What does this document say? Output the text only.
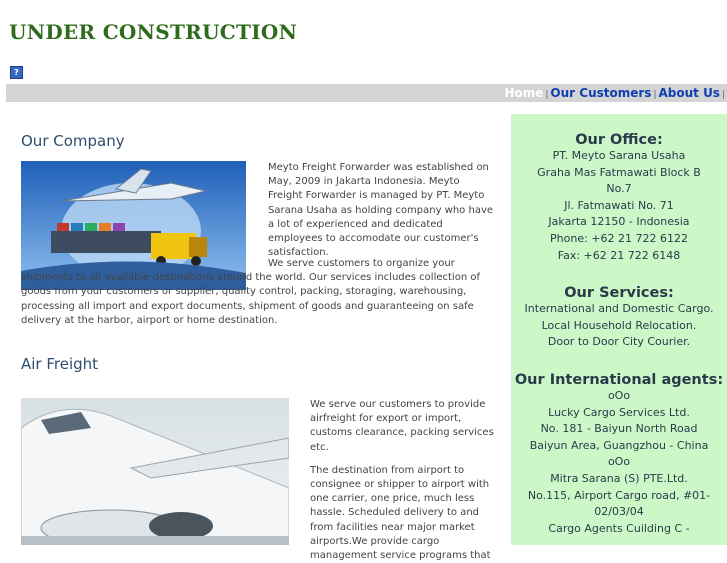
UNDER CONSTRUCTION
?
Home | Our Customers | About Us |
Our Company

Meyto Freight Forwarder was established on May, 2009 in Jakarta Indonesia. Meyto Freight Forwarder is managed by PT. Meyto Sarana Usaha as holding company who have a lot of experienced and dedicated employees to accomodate our customer's satisfaction.

We serve customers to organize your shipments to all available destinations around the world. Our services includes collection of goods from your customers or supplier, quality control, packing, storaging, warehousing, processing all import and export documents, shipment of goods and guaranteeing on safe delivery at the harbor, airport or home destination.

Air Freight

We serve our customers to provide airfreight for export or import, customs clearance, packing services etc.

The destination from airport to consignee or shipper to airport with one carrier, one price, much less hassle. Scheduled delivery to and from facilities near major market airports.We provide cargo management service programs that

Our Office:

PT. Meyto Sarana Usaha

Graha Mas Fatmawati Block B

No.7

Jl. Fatmawati No. 71

Jakarta 12150 - Indonesia

Phone: +62 21 722 6122

Fax: +62 21 722 6148

Our Services:

International and Domestic Cargo.

Local Household Relocation.

Door to Door City Courier.

Our International agents:

oOo

Lucky Cargo Services Ltd.

No. 181 - Baiyun North Road

Baiyun Area, Guangzhou - China

oOo

Mitra Sarana (S) PTE.Ltd.

No.115, Airport Cargo road, #01-

02/03/04

Cargo Agents Cuilding C -
